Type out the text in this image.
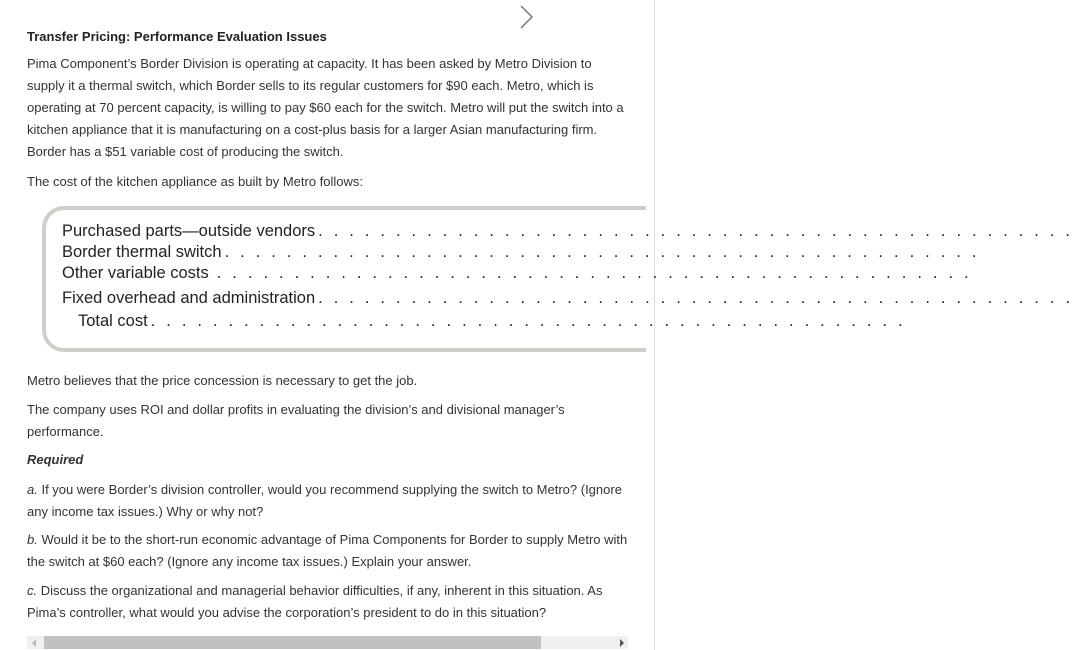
Transfer Pricing: Performance Evaluation Issues
Pima Component’s Border Division is operating at capacity. It has been asked by Metro Division to supply it a thermal switch, which Border sells to its regular customers for $90 each. Metro, which is operating at 70 percent capacity, is willing to pay $60 each for the switch. Metro will put the switch into a kitchen appliance that it is manufacturing on a cost-plus basis for a larger Asian manufacturing firm. Border has a $51 variable cost of producing the switch.
The cost of the kitchen appliance as built by Metro follows:
Purchased parts—outside vendors . . . . . . . . . . . . . . . . . . . . . . . . . . . . . . . . . . . . . . . . . . . . . . . . .
Border thermal switch . . . . . . . . . . . . . . . . . . . . . . . . . . . . . . . . . . . . . . . . . . . . . . . . .
Other variable costs . . . . . . . . . . . . . . . . . . . . . . . . . . . . . . . . . . . . . . . . . . . . . . . . .
Fixed overhead and administration . . . . . . . . . . . . . . . . . . . . . . . . . . . . . . . . . . . . . . . . . . . . . . . . .
Total cost . . . . . . . . . . . . . . . . . . . . . . . . . . . . . . . . . . . . . . . . . . . . . . . . .
Metro believes that the price concession is necessary to get the job.
The company uses ROI and dollar profits in evaluating the division’s and divisional manager’s performance.
Required
a. If you were Border’s division controller, would you recommend supplying the switch to Metro? (Ignore any income tax issues.) Why or why not?
b. Would it be to the short-run economic advantage of Pima Components for Border to supply Metro with the switch at $60 each? (Ignore any income tax issues.) Explain your answer.
c. Discuss the organizational and managerial behavior difficulties, if any, inherent in this situation. As Pima’s controller, what would you advise the corporation’s president to do in this situation?
